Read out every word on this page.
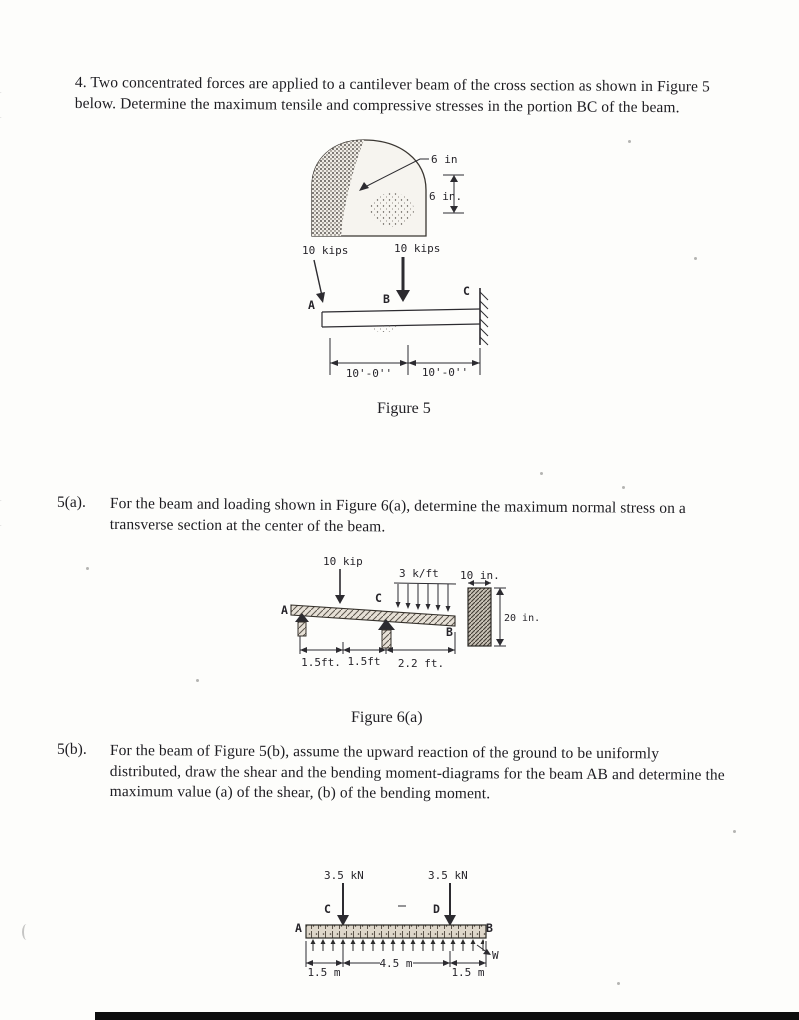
4. Two concentrated forces are applied to a cantilever beam of the cross section as shown in Figure 5 below. Determine the maximum tensile and compressive stresses in the portion BC of the beam.
6 in
6 in.
10 kips	10 kips
A	B
C
10'-0''	10'-0''
Figure 5
5(a). For the beam and loading shown in Figure 6(a), determine the maximum normal stress on a transverse section at the center of the beam.
10 kip
3 k/ft
A
C
B
10 in.
20 in.
1.5ft. 1.5ft 2.2 ft.
Figure 6(a)
5(b). For the beam of Figure 5(b), assume the upward reaction of the ground to be uniformly distributed, draw the shear and the bending moment-diagrams for the beam AB and determine the maximum value (a) of the shear, (b) of the bending moment.
3.5 kN	3.5 kN
C	D
A	B
W
1.5 m
4.5 m
1.5 m
